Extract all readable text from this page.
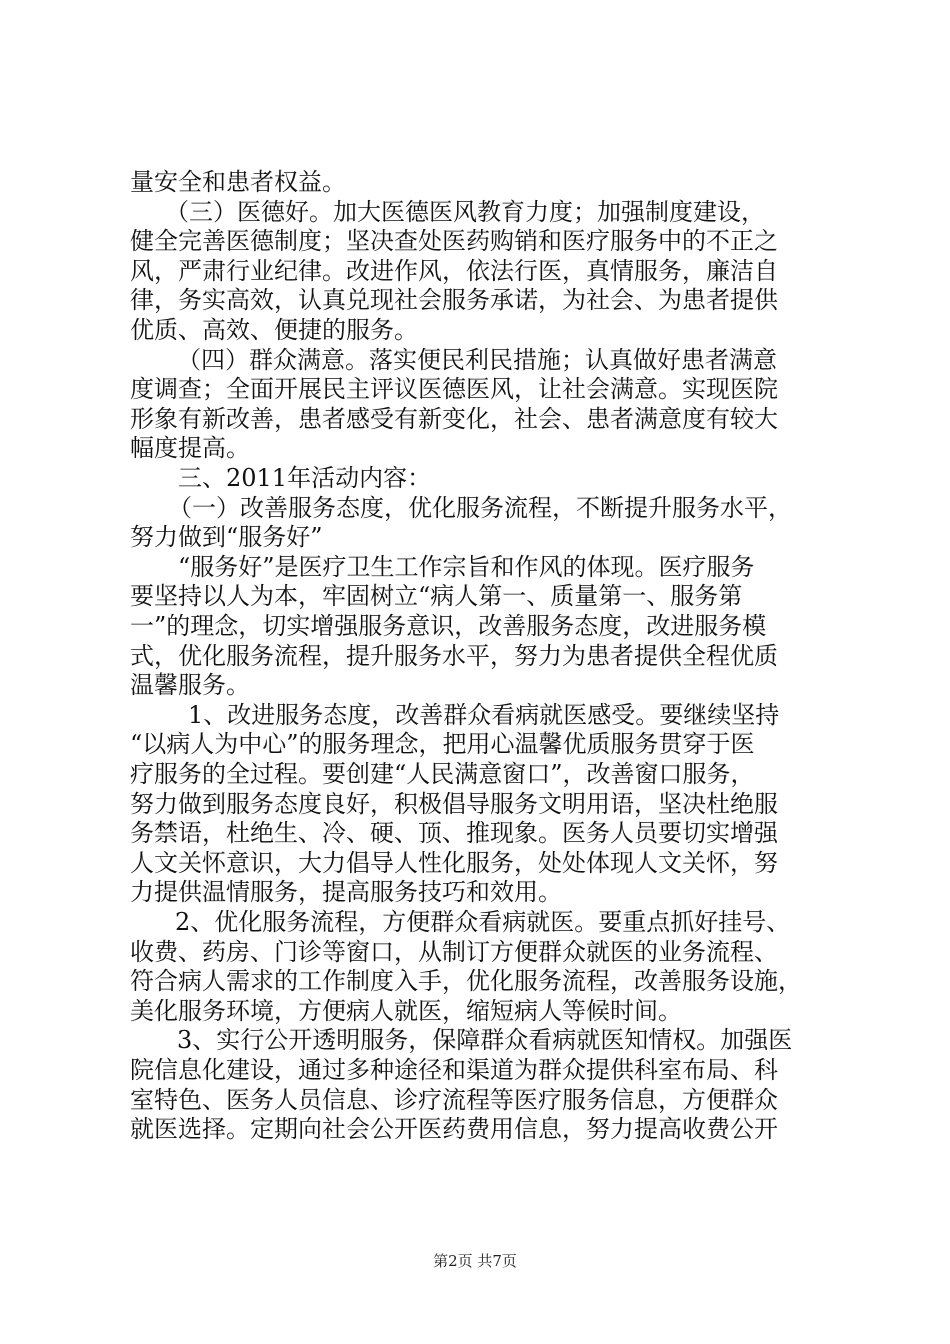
量安全和患者权益。
（三）医德好。加大医德医风教育力度；加强制度建设，
健全完善医德制度；坚决查处医药购销和医疗服务中的不正之
风，严肃行业纪律。改进作风，依法行医，真情服务，廉洁自
律，务实高效，认真兑现社会服务承诺，为社会、为患者提供
优质、高效、便捷的服务。
（四）群众满意。落实便民利民措施；认真做好患者满意
度调查；全面开展民主评议医德医风，让社会满意。实现医院
形象有新改善，患者感受有新变化，社会、患者满意度有较大
幅度提高。
三、2011年活动内容：
（一）改善服务态度，优化服务流程，不断提升服务水平，
努力做到“服务好”
“服务好”是医疗卫生工作宗旨和作风的体现。医疗服务
要坚持以人为本，牢固树立“病人第一、质量第一、服务第
一”的理念，切实增强服务意识，改善服务态度，改进服务模
式，优化服务流程，提升服务水平，努力为患者提供全程优质
温馨服务。
1、改进服务态度，改善群众看病就医感受。要继续坚持
“以病人为中心”的服务理念，把用心温馨优质服务贯穿于医
疗服务的全过程。要创建“人民满意窗口”，改善窗口服务，
努力做到服务态度良好，积极倡导服务文明用语，坚决杜绝服
务禁语，杜绝生、冷、硬、顶、推现象。医务人员要切实增强
人文关怀意识，大力倡导人性化服务，处处体现人文关怀，努
力提供温情服务，提高服务技巧和效用。
2、优化服务流程，方便群众看病就医。要重点抓好挂号、
收费、药房、门诊等窗口，从制订方便群众就医的业务流程、
符合病人需求的工作制度入手，优化服务流程，改善服务设施，
美化服务环境，方便病人就医，缩短病人等候时间。
3、实行公开透明服务，保障群众看病就医知情权。加强医
院信息化建设，通过多种途径和渠道为群众提供科室布局、科
室特色、医务人员信息、诊疗流程等医疗服务信息，方便群众
就医选择。定期向社会公开医药费用信息，努力提高收费公开
第2页 共7页
